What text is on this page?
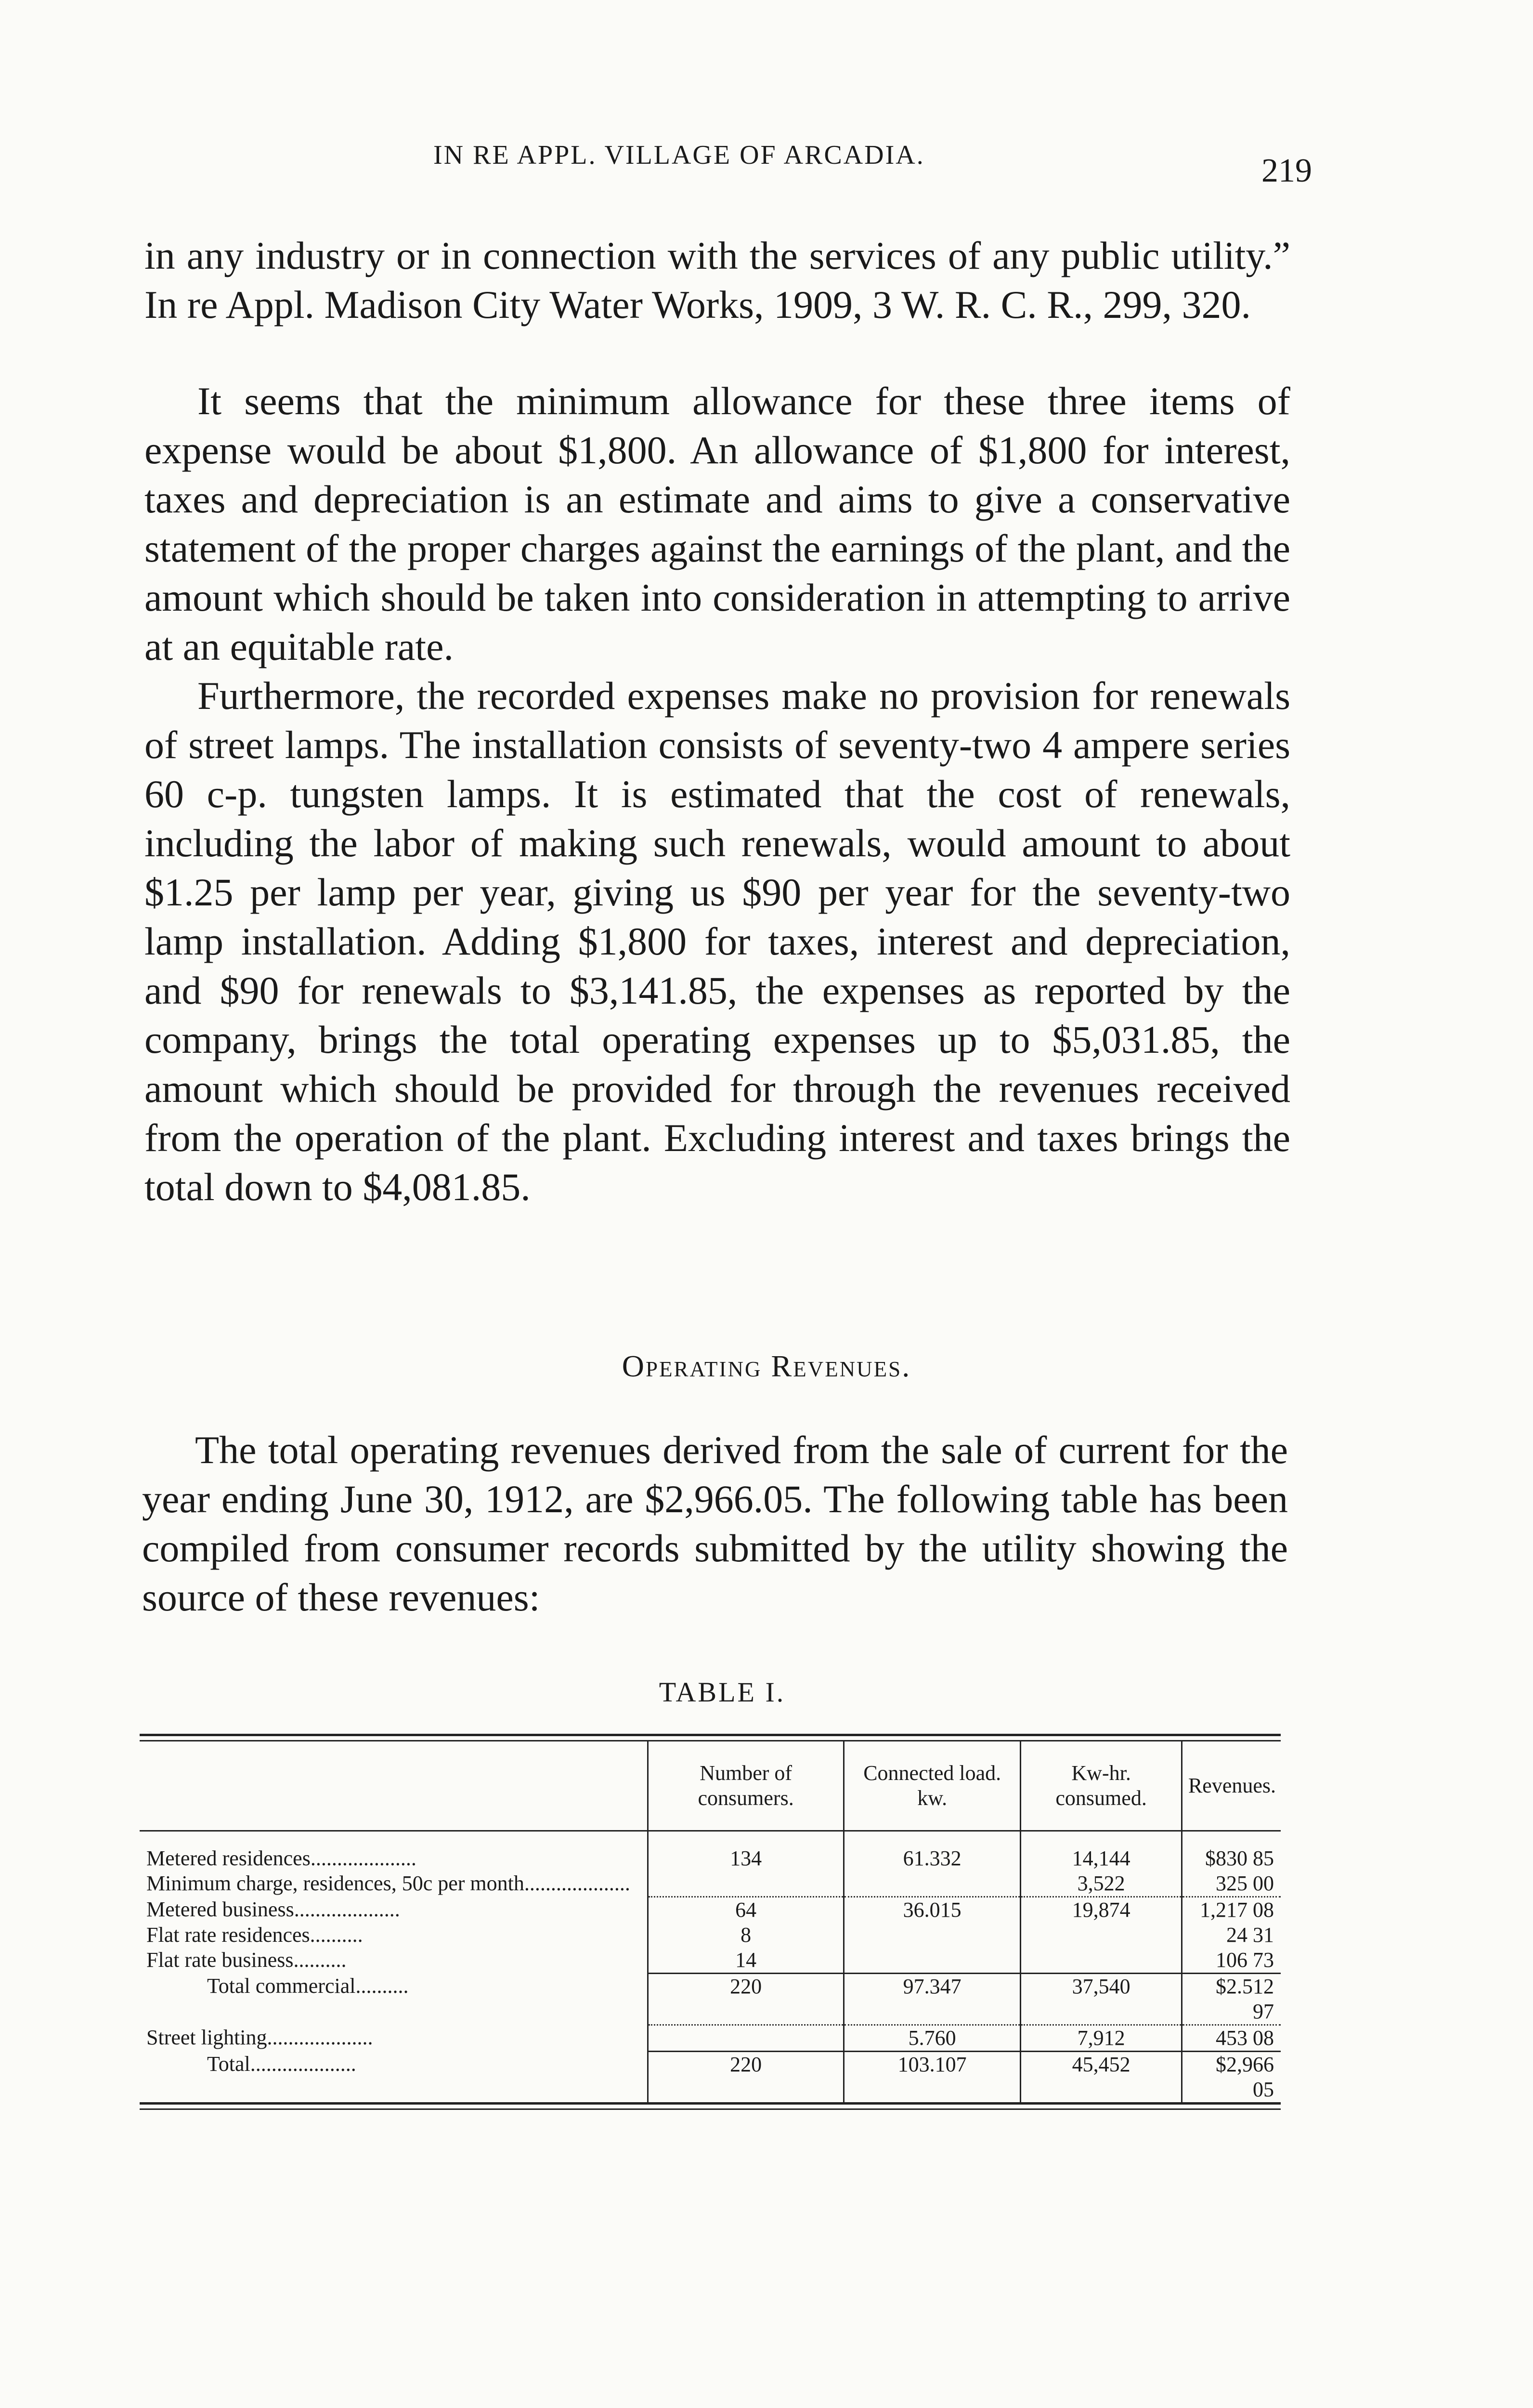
IN RE APPL. VILLAGE OF ARCADIA.	219

in any industry or in connection with the services of any public utility.” In re Appl. Madison City Water Works, 1909, 3 W. R. C. R., 299, 320.

It seems that the minimum allowance for these three items of expense would be about $1,800. An allowance of $1,800 for interest, taxes and depreciation is an estimate and aims to give a conservative statement of the proper charges against the earnings of the plant, and the amount which should be taken into consideration in attempting to arrive at an equitable rate.

Furthermore, the recorded expenses make no provision for renewals of street lamps. The installation consists of seventy-two 4 ampere series 60 c-p. tungsten lamps. It is estimated that the cost of renewals, including the labor of making such renewals, would amount to about $1.25 per lamp per year, giving us $90 per year for the seventy-two lamp installation. Adding $1,800 for taxes, interest and depreciation, and $90 for renewals to $3,141.85, the expenses as reported by the company, brings the total operating expenses up to $5,031.85, the amount which should be provided for through the revenues received from the operation of the plant. Excluding interest and taxes brings the total down to $4,081.85.

Operating Revenues.

The total operating revenues derived from the sale of current for the year ending June 30, 1912, are $2,966.05. The following table has been compiled from consumer records submitted by the utility showing the source of these revenues:

TABLE I.
	Number of consumers.	Connected load. kw.	Kw-hr. consumed.	Revenues.
Metered residences....................	134	61.332	14,144	$830 85
Minimum charge, residences, 50c per month....................			3,522	325 00
Metered business....................	64	36.015	19,874	1,217 08
Flat rate residences..........	8			24 31
Flat rate business..........	14			106 73
Total commercial..........	220	97.347	37,540	$2.512 97
Street lighting....................		5.760	7,912	453 08
Total....................	220	103.107	45,452	$2,966 05
